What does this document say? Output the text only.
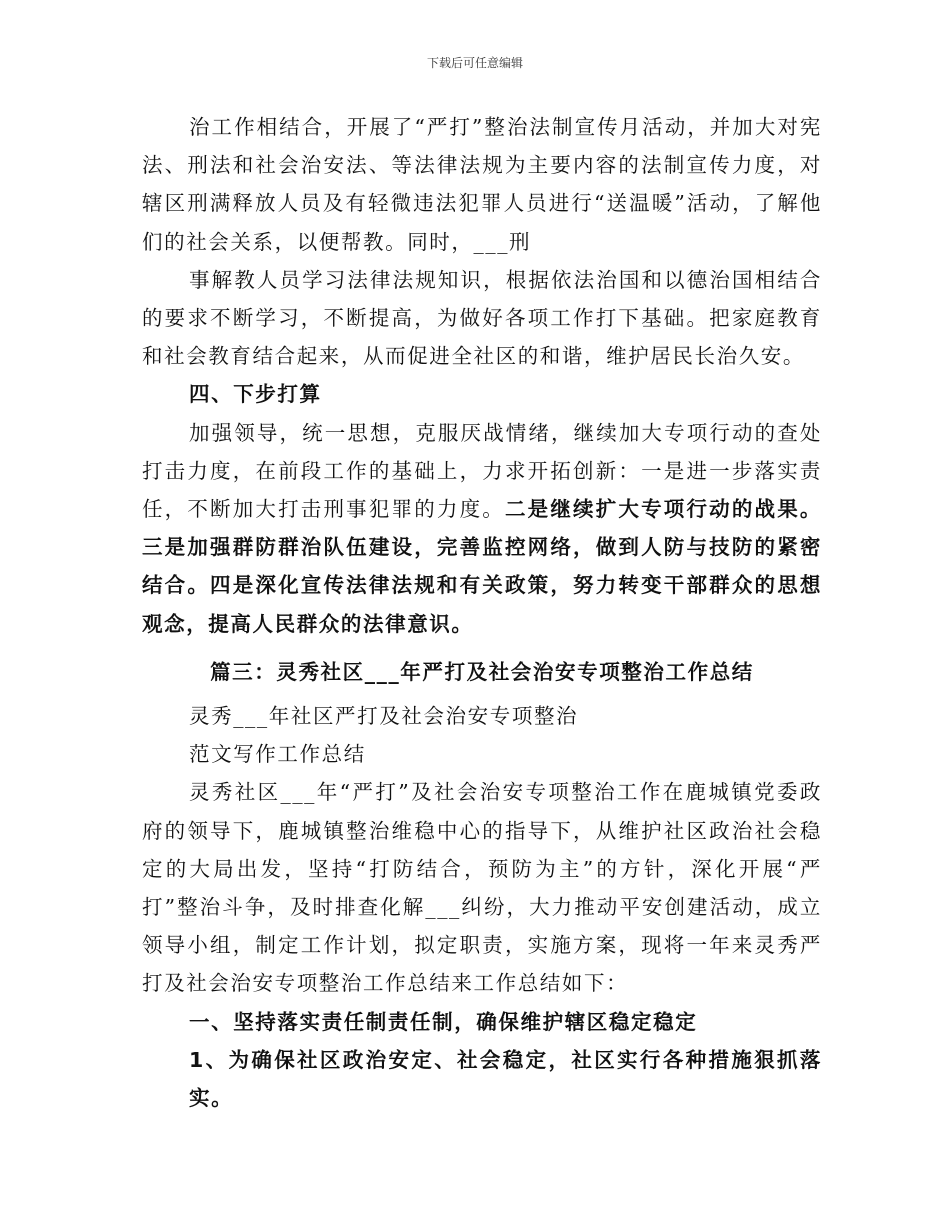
下载后可任意编辑

治工作相结合，开展了“严打”整治法制宣传月活动，并加大对宪法、刑法和社会治安法、等法律法规为主要内容的法制宣传力度，对辖区刑满释放人员及有轻微违法犯罪人员进行“送温暖”活动，了解他们的社会关系，以便帮教。同时，___刑

事解教人员学习法律法规知识，根据依法治国和以德治国相结合的要求不断学习，不断提高，为做好各项工作打下基础。把家庭教育和社会教育结合起来，从而促进全社区的和谐，维护居民长治久安。

四、下步打算

加强领导，统一思想，克服厌战情绪，继续加大专项行动的查处打击力度，在前段工作的基础上，力求开拓创新：一是进一步落实责任，不断加大打击刑事犯罪的力度。二是继续扩大专项行动的战果。三是加强群防群治队伍建设，完善监控网络，做到人防与技防的紧密结合。四是深化宣传法律法规和有关政策，努力转变干部群众的思想观念，提高人民群众的法律意识。

篇三：灵秀社区___年严打及社会治安专项整治工作总结

灵秀___年社区严打及社会治安专项整治

范文写作工作总结

灵秀社区___年“严打”及社会治安专项整治工作在鹿城镇党委政府的领导下，鹿城镇整治维稳中心的指导下，从维护社区政治社会稳定的大局出发，坚持“打防结合，预防为主”的方针，深化开展“严打”整治斗争，及时排查化解___纠纷，大力推动平安创建活动，成立领导小组，制定工作计划，拟定职责，实施方案，现将一年来灵秀严打及社会治安专项整治工作总结来工作总结如下：

一、坚持落实责任制责任制，确保维护辖区稳定稳定

1、为确保社区政治安定、社会稳定，社区实行各种措施狠抓落实。
